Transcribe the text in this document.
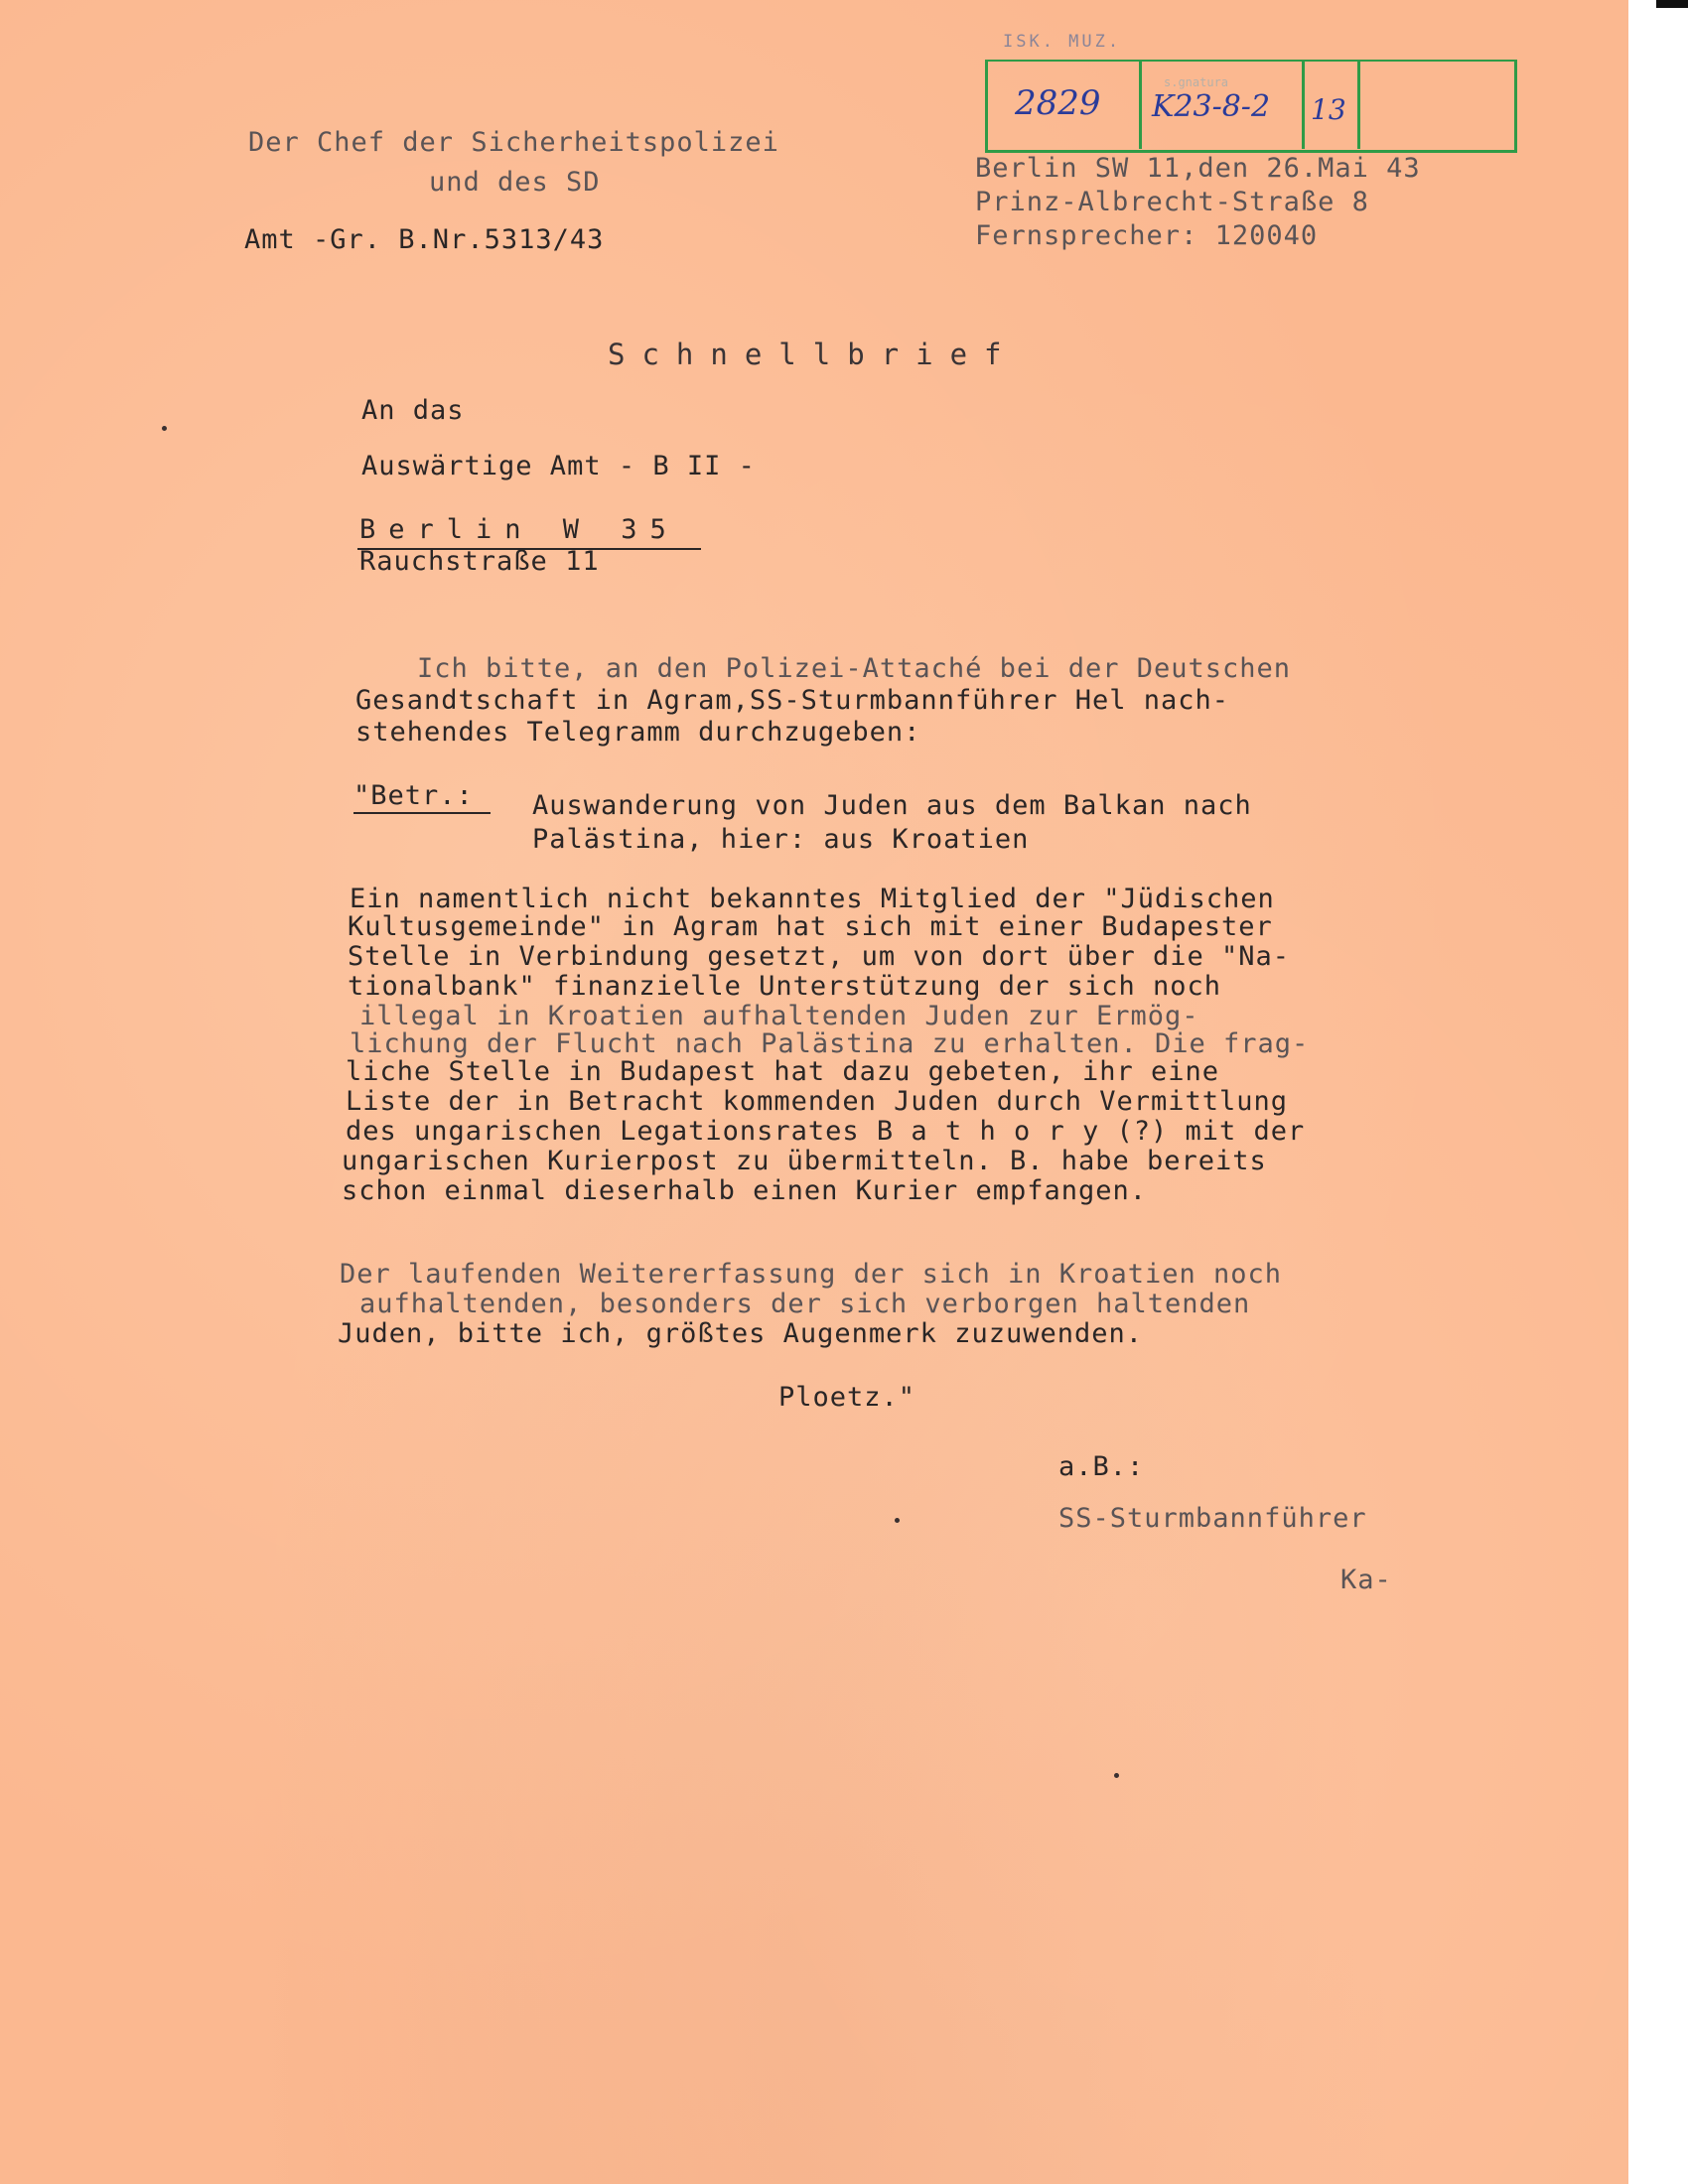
ISK. MUZ.
s.gnatura
2829 K23-8-2 13
Der Chef der Sicherheitspolizei
und des SD
Amt -Gr. B.Nr.5313/43
Berlin SW 11,den 26.Mai 43
Prinz-Albrecht-Straße 8
Fernsprecher: 120040
Schnellbrief
An das
Auswärtige Amt - B II -
Berlin W 35
Rauchstraße 11
Ich bitte, an den Polizei-Attaché bei der Deutschen
Gesandtschaft in Agram,SS-Sturmbannführer Hel nach-
stehendes Telegramm durchzugeben:
"Betr.: Auswanderung von Juden aus dem Balkan nach
Palästina, hier: aus Kroatien
Ein namentlich nicht bekanntes Mitglied der "Jüdischen
Kultusgemeinde" in Agram hat sich mit einer Budapester
Stelle in Verbindung gesetzt, um von dort über die "Na-
tionalbank" finanzielle Unterstützung der sich noch
illegal in Kroatien aufhaltenden Juden zur Ermög-
lichung der Flucht nach Palästina zu erhalten. Die frag-
liche Stelle in Budapest hat dazu gebeten, ihr eine
Liste der in Betracht kommenden Juden durch Vermittlung
des ungarischen Legationsrates B a t h o r y (?) mit der
ungarischen Kurierpost zu übermitteln. B. habe bereits
schon einmal dieserhalb einen Kurier empfangen.
Der laufenden Weitererfassung der sich in Kroatien noch
aufhaltenden, besonders der sich verborgen haltenden
Juden, bitte ich, größtes Augenmerk zuzuwenden.
Ploetz."
a.B.:
SS-Sturmbannführer
Ka-
